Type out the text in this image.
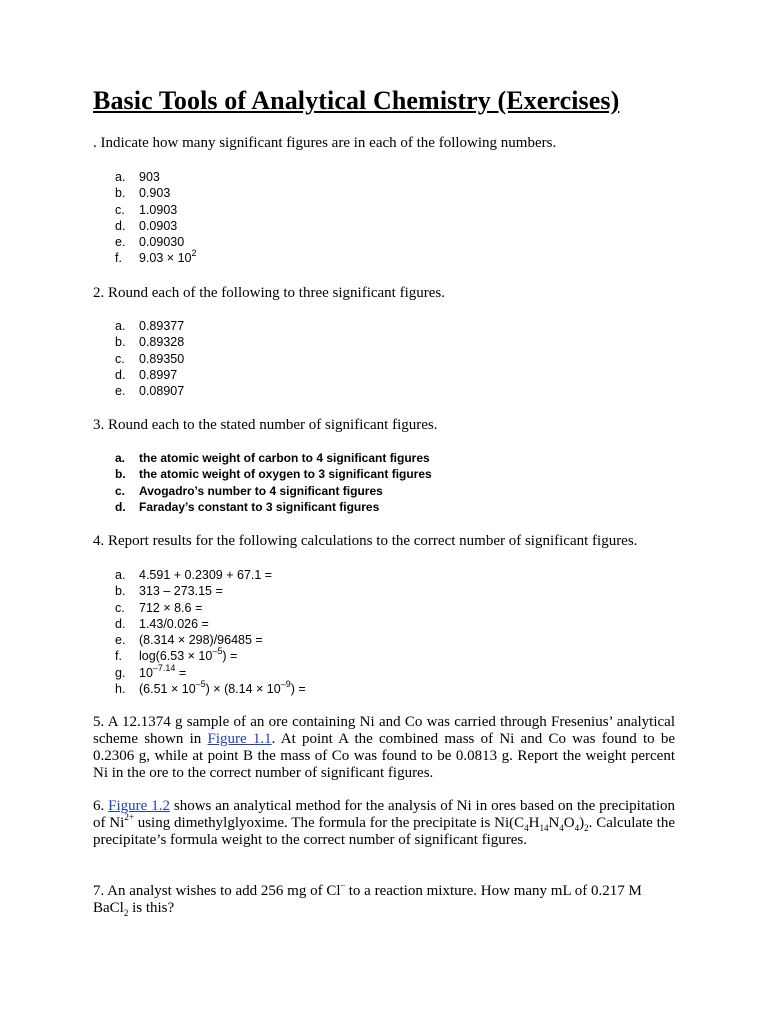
Basic Tools of Analytical Chemistry (Exercises)
. Indicate how many significant figures are in each of the following numbers.
a. 903
b. 0.903
c. 1.0903
d. 0.0903
e. 0.09030
f. $9.03 \times 10^2$
2. Round each of the following to three significant figures.
a. 0.89377
b. 0.89328
c. 0.89350
d. 0.8997
e. 0.08907
3. Round each to the stated number of significant figures.
a. the atomic weight of carbon to 4 significant figures
b. the atomic weight of oxygen to 3 significant figures
c. Avogadro’s number to 4 significant figures
d. Faraday’s constant to 3 significant figures
4. Report results for the following calculations to the correct number of significant figures.
a. 4.591 + 0.2309 + 67.1 =
b. 313 – 273.15 =
c. 712 × 8.6 =
d. 1.43/0.026 =
e. (8.314 × 298)/96485 =
f. $\log(6.53 \times 10^{-5})$ =
g. $10^{-7.14}$ =
h. $(6.51 \times 10^{-5}) \times (8.14 \times 10^{-9})$ =
5. A 12.1374 g sample of an ore containing Ni and Co was carried through Fresenius’ analytical scheme shown in Figure 1.1. At point A the combined mass of Ni and Co was found to be 0.2306 g, while at point B the mass of Co was found to be 0.0813 g. Report the weight percent Ni in the ore to the correct number of significant figures.
6. Figure 1.2 shows an analytical method for the analysis of Ni in ores based on the precipitation of $Ni^{2+}$ using dimethylglyoxime. The formula for the precipitate is $Ni(C_4H_{14}N_4O_4)_2$. Calculate the precipitate’s formula weight to the correct number of significant figures.
7. An analyst wishes to add 256 mg of Cl– to a reaction mixture. How many mL of 0.217 M BaCl$_2$ is this?
